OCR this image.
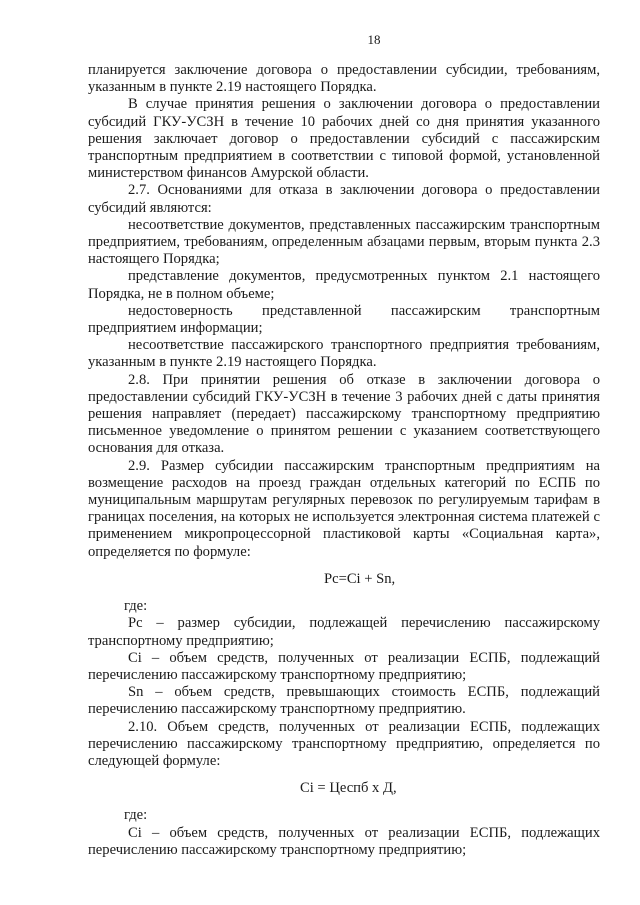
18

планируется заключение договора о предоставлении субсидии, требованиям, указанным в пункте 2.19 настоящего Порядка.

В случае принятия решения о заключении договора о предоставлении субсидий ГКУ-УСЗН в течение 10 рабочих дней со дня принятия указанного решения заключает договор о предоставлении субсидий с пассажирским транспортным предприятием в соответствии с типовой формой, установленной министерством финансов Амурской области.

2.7. Основаниями для отказа в заключении договора о предоставлении субсидий являются:

несоответствие документов, представленных пассажирским транспортным предприятием, требованиям, определенным абзацами первым, вторым пункта 2.3 настоящего Порядка;

представление документов, предусмотренных пунктом 2.1 настоящего Порядка, не в полном объеме;

недостоверность представленной пассажирским транспортным предприятием информации;

несоответствие пассажирского транспортного предприятия требованиям, указанным в пункте 2.19 настоящего Порядка.

2.8. При принятии решения об отказе в заключении договора о предоставлении субсидий ГКУ-УСЗН в течение 3 рабочих дней с даты принятия решения направляет (передает) пассажирскому транспортному предприятию письменное уведомление о принятом решении с указанием соответствующего основания для отказа.

2.9. Размер субсидии пассажирским транспортным предприятиям на возмещение расходов на проезд граждан отдельных категорий по ЕСПБ по муниципальным маршрутам регулярных перевозок по регулируемым тарифам в границах поселения, на которых не используется электронная система платежей с применением микропроцессорной пластиковой карты «Социальная карта», определяется по формуле:

Pc=Ci + Sn,
где:

Pc – размер субсидии, подлежащей перечислению пассажирскому транспортному предприятию;

Ci – объем средств, полученных от реализации ЕСПБ, подлежащий перечислению пассажирскому транспортному предприятию;

Sn – объем средств, превышающих стоимость ЕСПБ, подлежащий перечислению пассажирскому транспортному предприятию.

2.10. Объем средств, полученных от реализации ЕСПБ, подлежащих перечислению пассажирскому транспортному предприятию, определяется по следующей формуле:

Ci = Цеспб х Д,
где:

Ci – объем средств, полученных от реализации ЕСПБ, подлежащих перечислению пассажирскому транспортному предприятию;
